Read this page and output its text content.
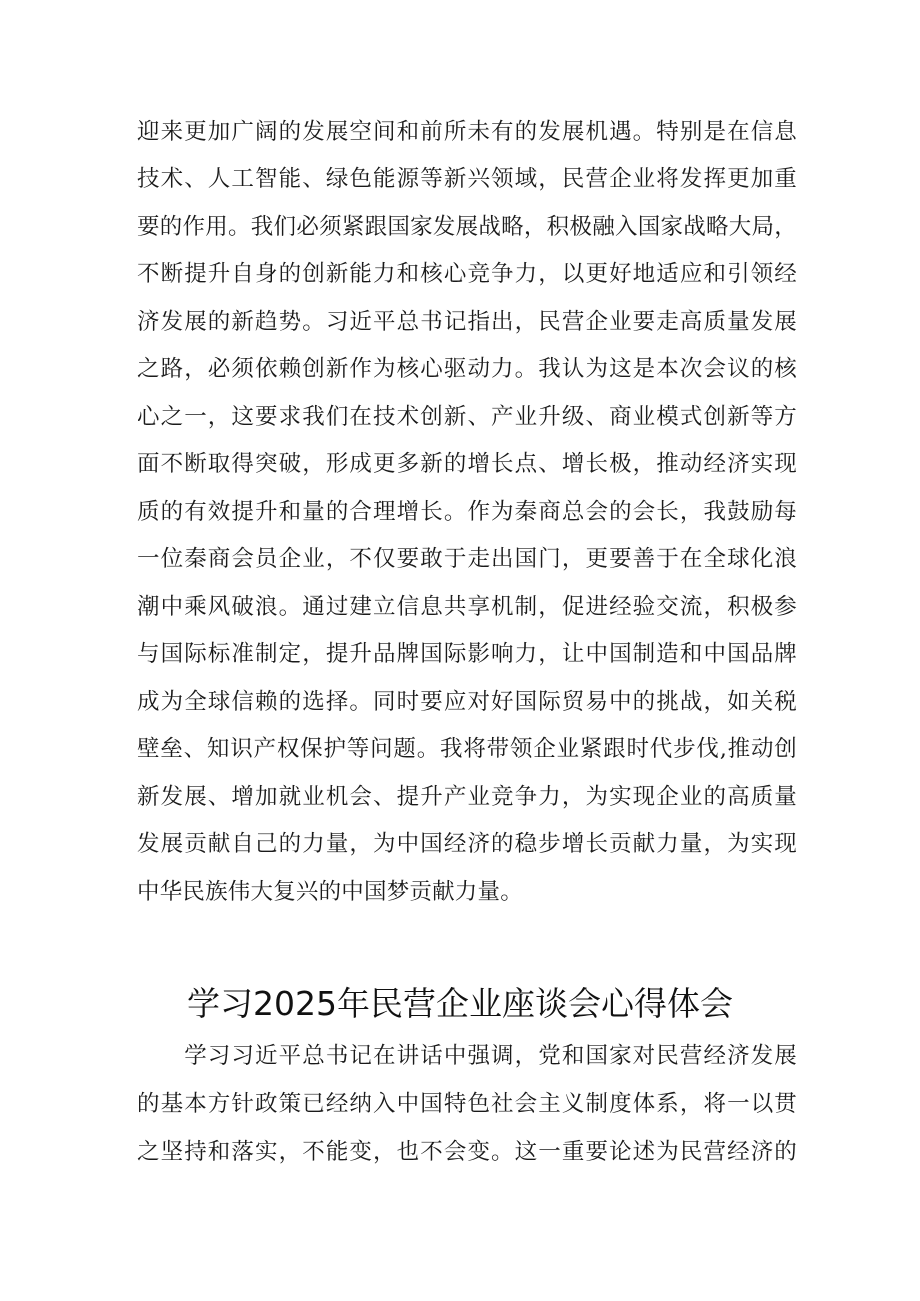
迎来更加广阔的发展空间和前所未有的发展机遇。特别是在信息
技术、人工智能、绿色能源等新兴领域，民营企业将发挥更加重
要的作用。我们必须紧跟国家发展战略，积极融入国家战略大局，
不断提升自身的创新能力和核心竞争力，以更好地适应和引领经
济发展的新趋势。习近平总书记指出，民营企业要走高质量发展
之路，必须依赖创新作为核心驱动力。我认为这是本次会议的核
心之一，这要求我们在技术创新、产业升级、商业模式创新等方
面不断取得突破，形成更多新的增长点、增长极，推动经济实现
质的有效提升和量的合理增长。作为秦商总会的会长，我鼓励每
一位秦商会员企业，不仅要敢于走出国门，更要善于在全球化浪
潮中乘风破浪。通过建立信息共享机制，促进经验交流，积极参
与国际标准制定，提升品牌国际影响力，让中国制造和中国品牌
成为全球信赖的选择。同时要应对好国际贸易中的挑战，如关税
壁垒、知识产权保护等问题。我将带领企业紧跟时代步伐,推动创
新发展、增加就业机会、提升产业竞争力，为实现企业的高质量
发展贡献自己的力量，为中国经济的稳步增长贡献力量，为实现
中华民族伟大复兴的中国梦贡献力量。
学习2025年民营企业座谈会心得体会
　　学习习近平总书记在讲话中强调，党和国家对民营经济发展
的基本方针政策已经纳入中国特色社会主义制度体系，将一以贯
之坚持和落实，不能变，也不会变。这一重要论述为民营经济的
